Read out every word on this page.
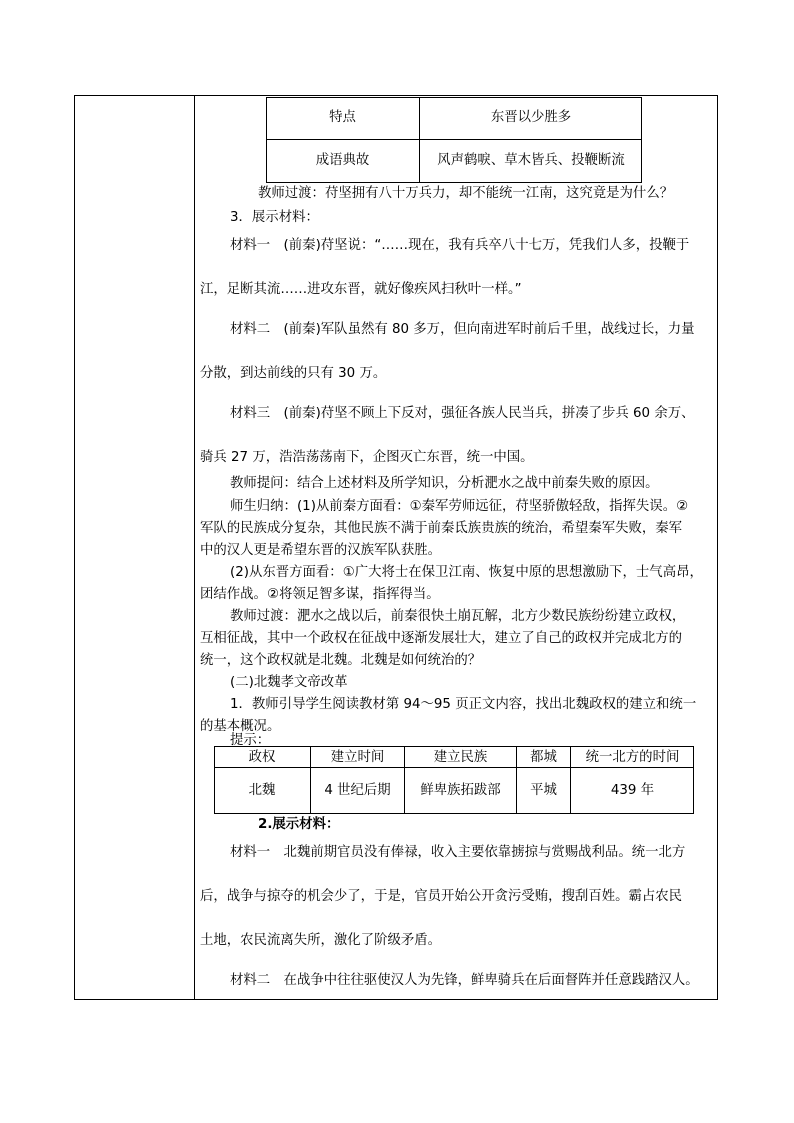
特点	东晋以少胜多
成语典故	风声鹤唳、草木皆兵、投鞭断流
教师过渡：苻坚拥有八十万兵力，却不能统一江南，这究竟是为什么？
3．展示材料：
材料一　(前秦)苻坚说：“……现在，我有兵卒八十七万，凭我们人多，投鞭于
江，足断其流……进攻东晋，就好像疾风扫秋叶一样。”
材料二　(前秦)军队虽然有 80 多万，但向南进军时前后千里，战线过长，力量
分散，到达前线的只有 30 万。
材料三　(前秦)苻坚不顾上下反对，强征各族人民当兵，拼凑了步兵 60 余万、
骑兵 27 万，浩浩荡荡南下，企图灭亡东晋，统一中国。
教师提问：结合上述材料及所学知识，分析淝水之战中前秦失败的原因。
师生归纳：(1)从前秦方面看：①秦军劳师远征，苻坚骄傲轻敌，指挥失误。②
军队的民族成分复杂，其他民族不满于前秦氐族贵族的统治，希望秦军失败，秦军
中的汉人更是希望东晋的汉族军队获胜。
(2)从东晋方面看：①广大将士在保卫江南、恢复中原的思想激励下，士气高昂，
团结作战。②将领足智多谋，指挥得当。
教师过渡：淝水之战以后，前秦很快土崩瓦解，北方少数民族纷纷建立政权，
互相征战，其中一个政权在征战中逐渐发展壮大，建立了自己的政权并完成北方的
统一，这个政权就是北魏。北魏是如何统治的？
(二)北魏孝文帝改革
1．教师引导学生阅读教材第 94～95 页正文内容，找出北魏政权的建立和统一
的基本概况。
提示：
政权	建立时间	建立民族	都城	统一北方的时间
北魏	4 世纪后期	鲜卑族拓跋部	平城	439 年
2.展示材料：
材料一　北魏前期官员没有俸禄，收入主要依靠掳掠与赏赐战利品。统一北方
后，战争与掠夺的机会少了，于是，官员开始公开贪污受贿，搜刮百姓。霸占农民
土地，农民流离失所，激化了阶级矛盾。
材料二　在战争中往往驱使汉人为先锋，鲜卑骑兵在后面督阵并任意践踏汉人。
